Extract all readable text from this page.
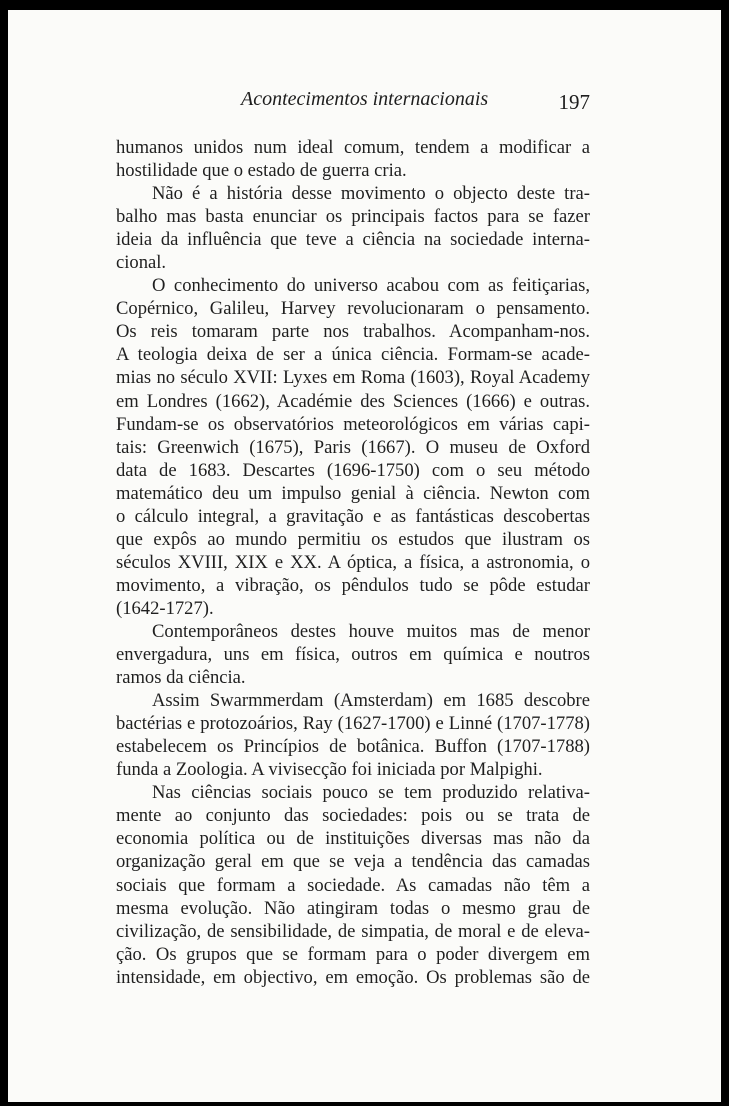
Acontecimentos internacionais	197
humanos unidos num ideal comum, tendem a modificar a
hostilidade que o estado de guerra cria.
Não é a história desse movimento o objecto deste tra-
balho mas basta enunciar os principais factos para se fazer
ideia da influência que teve a ciência na sociedade interna-
cional.
O conhecimento do universo acabou com as feitiçarias,
Copérnico, Galileu, Harvey revolucionaram o pensamento.
Os reis tomaram parte nos trabalhos. Acompanham-nos.
A teologia deixa de ser a única ciência. Formam-se acade-
mias no século XVII: Lyxes em Roma (1603), Royal Academy
em Londres (1662), Académie des Sciences (1666) e outras.
Fundam-se os observatórios meteorológicos em várias capi-
tais: Greenwich (1675), Paris (1667). O museu de Oxford
data de 1683. Descartes (1696-1750) com o seu método
matemático deu um impulso genial à ciência. Newton com
o cálculo integral, a gravitação e as fantásticas descobertas
que expôs ao mundo permitiu os estudos que ilustram os
séculos XVIII, XIX e XX. A óptica, a física, a astronomia, o
movimento, a vibração, os pêndulos tudo se pôde estudar
(1642-1727).
Contemporâneos destes houve muitos mas de menor
envergadura, uns em física, outros em química e noutros
ramos da ciência.
Assim Swarmmerdam (Amsterdam) em 1685 descobre
bactérias e protozoários, Ray (1627-1700) e Linné (1707-1778)
estabelecem os Princípios de botânica. Buffon (1707-1788)
funda a Zoologia. A vivisecção foi iniciada por Malpighi.
Nas ciências sociais pouco se tem produzido relativa-
mente ao conjunto das sociedades: pois ou se trata de
economia política ou de instituições diversas mas não da
organização geral em que se veja a tendência das camadas
sociais que formam a sociedade. As camadas não têm a
mesma evolução. Não atingiram todas o mesmo grau de
civilização, de sensibilidade, de simpatia, de moral e de eleva-
ção. Os grupos que se formam para o poder divergem em
intensidade, em objectivo, em emoção. Os problemas são de
